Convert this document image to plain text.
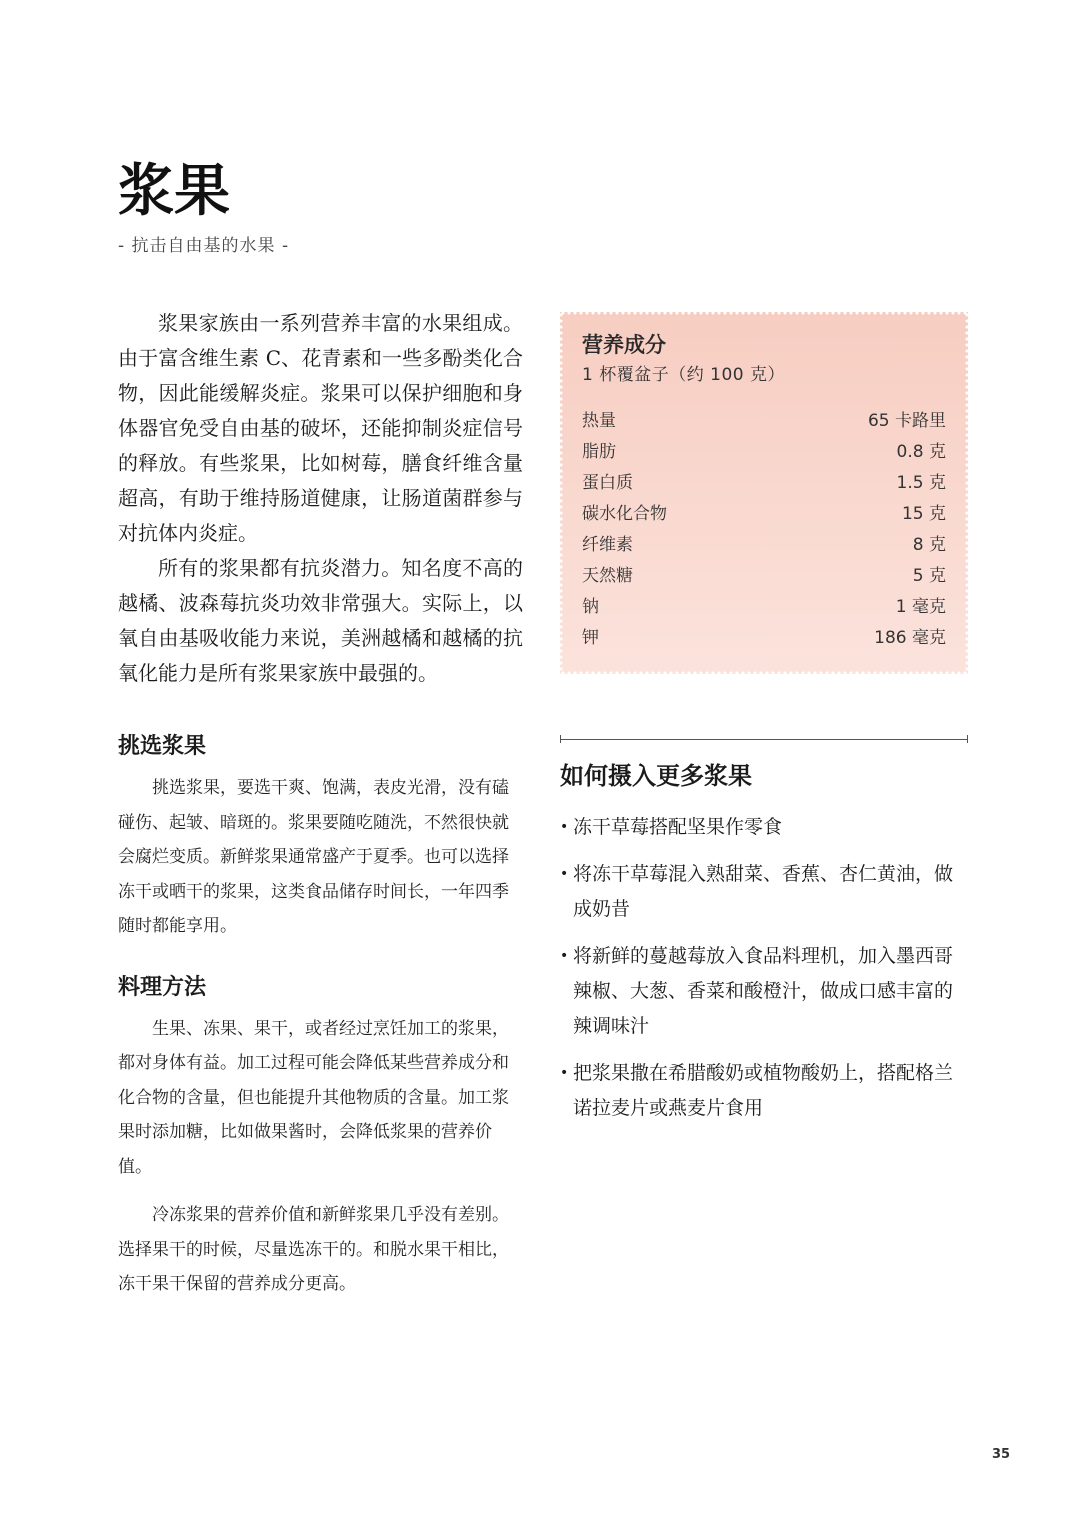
浆果
- 抗击自由基的水果 -

浆果家族由一系列营养丰富的水果组成。由于富含维生素 C、花青素和一些多酚类化合物，因此能缓解炎症。浆果可以保护细胞和身体器官免受自由基的破坏，还能抑制炎症信号的释放。有些浆果，比如树莓，膳食纤维含量超高，有助于维持肠道健康，让肠道菌群参与对抗体内炎症。

所有的浆果都有抗炎潜力。知名度不高的越橘、波森莓抗炎功效非常强大。实际上，以氧自由基吸收能力来说，美洲越橘和越橘的抗氧化能力是所有浆果家族中最强的。

挑选浆果

挑选浆果，要选干爽、饱满，表皮光滑，没有磕碰伤、起皱、暗斑的。浆果要随吃随洗，不然很快就会腐烂变质。新鲜浆果通常盛产于夏季。也可以选择冻干或晒干的浆果，这类食品储存时间长，一年四季随时都能享用。

料理方法

生果、冻果、果干，或者经过烹饪加工的浆果，都对身体有益。加工过程可能会降低某些营养成分和化合物的含量，但也能提升其他物质的含量。加工浆果时添加糖，比如做果酱时，会降低浆果的营养价值。

冷冻浆果的营养价值和新鲜浆果几乎没有差别。选择果干的时候，尽量选冻干的。和脱水果干相比，冻干果干保留的营养成分更高。

营养成分
1 杯覆盆子（约 100 克）
热量	65 卡路里
脂肪	0.8 克
蛋白质	1.5 克
碳水化合物	15 克
纤维素	8 克
天然糖	5 克
钠	1 毫克
钾	186 毫克
如何摄入更多浆果
• 冻干草莓搭配坚果作零食
• 将冻干草莓混入熟甜菜、香蕉、杏仁黄油，做成奶昔
• 将新鲜的蔓越莓放入食品料理机，加入墨西哥辣椒、大葱、香菜和酸橙汁，做成口感丰富的辣调味汁
• 把浆果撒在希腊酸奶或植物酸奶上，搭配格兰诺拉麦片或燕麦片食用
35
